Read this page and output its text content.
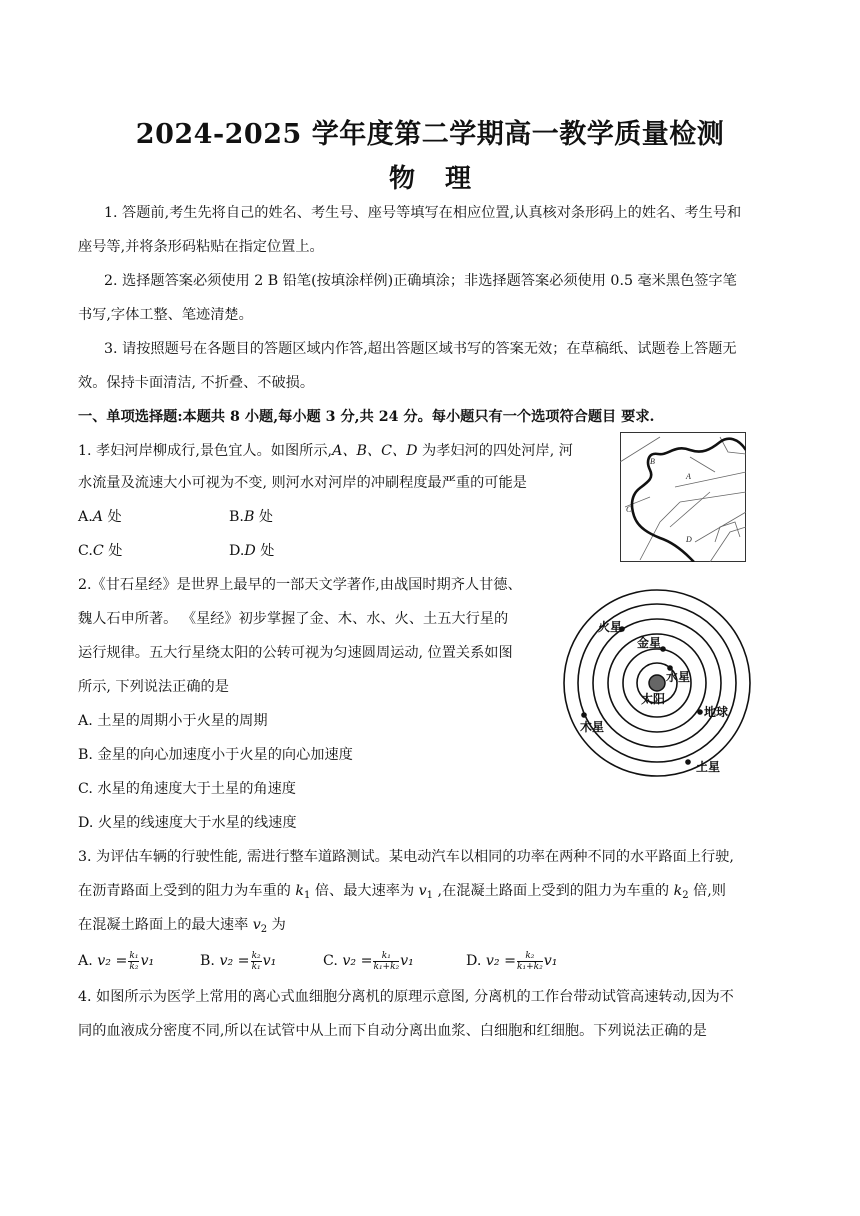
2024-2025 学年度第二学期高一教学质量检测
物理
1. 答题前,考生先将自己的姓名、考生号、座号等填写在相应位置,认真核对条形码上的姓名、考生号和
座号等,并将条形码粘贴在指定位置上。
2. 选择题答案必须使用 2 B 铅笔(按填涂样例)正确填涂；非选择题答案必须使用 0.5 毫米黑色签字笔
书写,字体工整、笔迹清楚。
3. 请按照题号在各题目的答题区域内作答,超出答题区域书写的答案无效；在草稿纸、试题卷上答题无
效。保持卡面清洁, 不折叠、不破损。
一、单项选择题:本题共 8 小题,每小题 3 分,共 24 分。每小题只有一个选项符合题目 要求.
1. 孝妇河岸柳成行,景色宜人。如图所示,A、B、C、D 为孝妇河的四处河岸, 河
水流量及流速大小可视为不变, 则河水对河岸的冲刷程度最严重的可能是
A.A 处	B.B 处
C.C 处	D.D 处
B
A
C
D
2.《甘石星经》是世界上最早的一部天文学著作,由战国时期齐人甘德、
魏人石申所著。 《星经》初步掌握了金、木、水、火、土五大行星的
运行规律。五大行星绕太阳的公转可视为匀速圆周运动, 位置关系如图
所示, 下列说法正确的是
A. 土星的周期小于火星的周期
B. 金星的向心加速度小于火星的向心加速度
C. 水星的角速度大于土星的角速度
D. 火星的线速度大于水星的线速度
太阳
水星
金星
地球
火星
木星
土星
3. 为评估车辆的行驶性能, 需进行整车道路测试。某电动汽车以相同的功率在两种不同的水平路面上行驶,
在沥青路面上受到的阻力为车重的 $k_1$ 倍、最大速率为 $v_1$ ,在混凝土路面上受到的阻力为车重的 $k_2$ 倍,则
在混凝土路面上的最大速率 $v_2$ 为
A. $v_2 = \frac{\text{k₁}}{\text{k₂}} v_1$	B. $v_2 = \frac{\text{k₂}}{\text{k₁}} v_1$	C. $v_2 = \frac{\text{k₁}}{\text{k₁+k₂}} v_1$	D. $v_2 = \frac{\text{k₂}}{\text{k₁+k₂}} v_1$
4. 如图所示为医学上常用的离心式血细胞分离机的原理示意图, 分离机的工作台带动试管高速转动,因为不
同的血液成分密度不同,所以在试管中从上而下自动分离出血浆、白细胞和红细胞。下列说法正确的是
